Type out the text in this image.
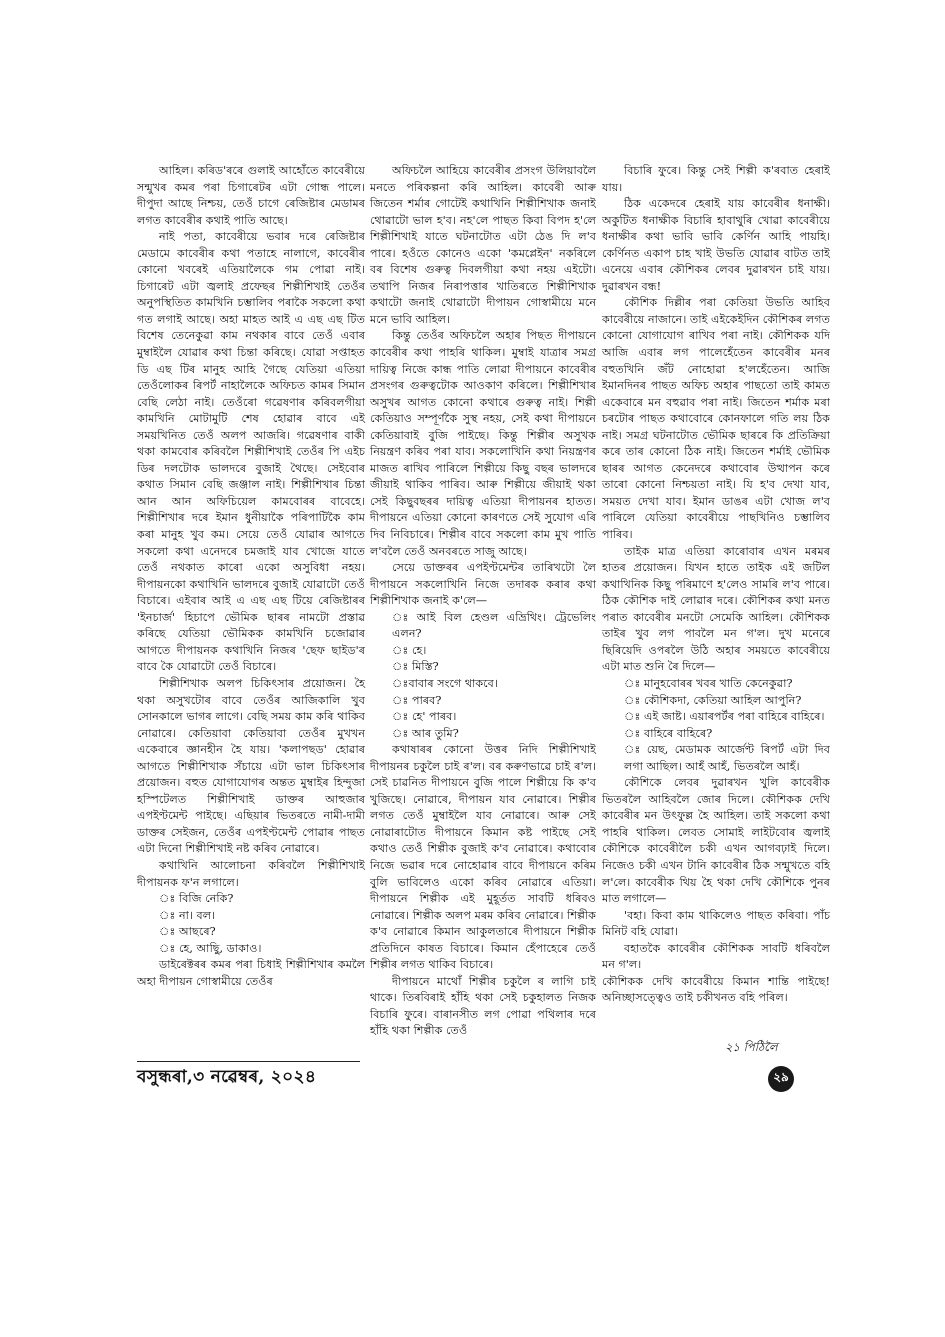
আহিল। কৰিড'ৰৰে গুলাই আহোঁতে কাবেৰীয়ে সন্মুখৰ কমৰ পৰা চিগাৰেটৰ এটা গোন্ধ পালে। দীপুদা আছে নিশ্চয়, তেওঁ চাগে ৰেজিষ্টাৰ মেডামৰ লগত কাবেৰীৰ কথাই পাতি আছে।

নাই পতা, কাবেৰীয়ে ভবাৰ দৰে ৰেজিষ্টাৰ মেডামে কাবেৰীৰ কথা পতাহে নালাগে, কাবেৰীৰ কোনো খবৰেই এতিয়ালৈকে গম পোৱা নাই। চিগাৰেট এটা জ্বলাই প্ৰফেছৰ শিল্পীশিখাই তেওঁৰ অনুপস্থিতিত কামখিনি চম্ভালিব পৰাকৈ সকলো কথা গত লগাই আছে। অহা মাহত আই এ এছ এছ টিত বিশেষ তেনেকুৱা কাম নথকাৰ বাবে তেওঁ এবাৰ মুম্বাইলৈ যোৱাৰ কথা চিন্তা কৰিছে। যোৱা সপ্তাহত ডি এছ টিৰ মানুহ আহি গৈছে যেতিয়া এতিয়া তেওঁলোকৰ ৰিপৰ্ট নাহালৈকে অফিচত কামৰ সিমান বেছি লেঠা নাই। তেওঁৰো গৱেষণাৰ কৰিবলগীয়া কামখিনি মোটামুটি শেষ হোৱাৰ বাবে এই সময়খিনিত তেওঁ অলপ আজৰি। গৱেষণাৰ বাকী থকা কামবোৰ কৰিবলৈ শিল্পীশিখাই তেওঁৰ পি এইচ ডিৰ দলটোক ভালদৰে বুজাই থৈছে। সেইবোৰ কথাত সিমান বেছি জঞ্জাল নাই। শিল্পীশিখাৰ চিন্তা আন আন অফিচিয়েল কামবোৰৰ বাবেহে। শিল্পীশিখাৰ দৰে ইমান ধুনীয়াকৈ পৰিপাটিকৈ কাম কৰা মানুহ খুব কম। সেয়ে তেওঁ যোৱাৰ আগতে সকলো কথা এনেদৰে চমজাই যাব খোজে যাতে তেওঁ নথকাত কাৰো একো অসুবিধা নহয়। দীপায়নকো কথাখিনি ভালদৰে বুজাই যোৱাটো তেওঁ বিচাৰে। এইবাৰ আই এ এছ এছ টিয়ে ৰেজিষ্টাৰৰ 'ইনচাৰ্জ' হিচাপে ভৌমিক ছাৰৰ নামটো প্ৰস্তাৱ কৰিছে যেতিয়া ভৌমিকক কামখিনি চজোৱাৰ আগতে দীপায়নক কথাখিনি নিজৰ 'ছেফ ছাইড'ৰ বাবে কৈ যোৱাটো তেওঁ বিচাৰে।

শিল্পীশিখাক অলপ চিকিৎসাৰ প্ৰয়োজন। হৈ থকা অসুখটোৰ বাবে তেওঁৰ আজিকালি খুব সোনকালে ভাগৰ লাগে। বেছি সময় কাম কৰি থাকিব নোৱাৰে। কেতিয়াবা কেতিয়াবা তেওঁৰ মুখখন একেবাৰে জ্ঞানহীন হৈ যায়। 'কলাপছড' হোৱাৰ আগতে শিল্পীশিখাক সঁচায়ে এটা ভাল চিকিৎসাৰ প্ৰয়োজন। বহুত যোগাযোগৰ অন্তত মুম্বাইৰ হিন্দুজা হস্পিটেলত শিল্পীশিখাই ডাক্তৰ আহুজাৰ এপইণ্টমেন্ট পাইছে। এছিয়াৰ ভিতৰতে নামী-দামী ডাক্তৰ সেইজন, তেওঁৰ এপইণ্টমেন্ট পোৱাৰ পাছত এটা দিনো শিল্পীশিখাই নষ্ট কৰিব নোৱাৰে।

কথাখিনি আলোচনা কৰিবলৈ শিল্পীশিখাই দীপায়নক ফ'ন লগালে।

ঃ বিজি নেকি?

ঃ না। বল।

ঃ আছৰে?

ঃ হে, আছিু, ডাকাও।

ডাইৰেক্টৰৰ কমৰ পৰা চিধাই শিল্পীশিখাৰ কমলৈ অহা দীপায়ন গোস্বামীয়ে তেওঁৰ

অফিচলৈ আহিয়ে কাবেৰীৰ প্ৰসংগ উলিয়াবলৈ মনতে পৰিকল্পনা কৰি আহিল। কাবেৰী আৰু জিতেন শৰ্মাৰ গোটেই কথাখিনি শিল্পীশিখাক জনাই থোৱাটো ভাল হ'ব। নহ'লে পাছত কিবা বিপদ হ'লে শিল্পীশিখাই যাতে ঘটনাটোত এটা ঠেঙ দি ল'ব পাৰে। হওঁতে কোনেও একো 'কমপ্লেইন' নকৰিলে বৰ বিশেষ গুৰুত্ব দিবলগীয়া কথা নহয় এইটো। তথাপি নিজৰ নিৰাপত্তাৰ খাতিৰতে শিল্পীশিখাক কথাটো জনাই থোৱাটো দীপায়ন গোস্বামীয়ে মনে মনে ভাবি আহিল।

কিন্তু তেওঁৰ অফিচলৈ অহাৰ পিছত দীপায়নে কাবেৰীৰ কথা পাহৰি থাকিল। মুম্বাই যাত্ৰাৰ সমগ্ৰ দায়িত্ব নিজে কান্ধ পাতি লোৱা দীপায়নে কাবেৰীৰ প্ৰসংগৰ গুৰুত্বটোক আওকাণ কৰিলে। শিল্পীশিখাৰ অসুখৰ আগত কোনো কথাৰে গুৰুত্ব নাই। শিল্পী কেতিয়াও সম্পূৰ্ণকৈ সুস্থ নহয়, সেই কথা দীপায়নে কেতিয়াবাই বুজি পাইছে। কিন্তু শিল্পীৰ অসুখক নিয়ন্ত্ৰণ কৰিব পৰা যাব। সকলোখিনি কথা নিয়ন্ত্ৰণৰ মাজত ৰাখিব পাৰিলে শিল্পীয়ে কিছু বছৰ ভালদৰে জীয়াই থাকিব পাৰিব। আৰু শিল্পীয়ে জীয়াই থকা সেই কিছুবছৰৰ দায়িত্ব এতিয়া দীপায়নৰ হাতত। দীপায়নে এতিয়া কোনো কাৰণতে সেই সুযোগ এৰি দিব নিবিচাৰে। শিল্পীৰ বাবে সকলো কাম মুখ পাতি ল'বলৈ তেওঁ অনবৰতে সাজু আছে।

সেয়ে ডাক্তৰৰ এপইণ্টমেন্টৰ তাৰিখটো লৈ দীপায়নে সকলোখিনি নিজে তদাৰক কৰাৰ কথা শিল্পীশিখাক জনাই ক'লে—

ঃ আই বিল হেণ্ডল এভ্ৰিথিং। ট্ৰেভেলিং এলন?

ঃ হে।

ঃ মিস্তি?

ঃবাবাৰ সংগে থাকবে।

ঃ পাৰব?

ঃ হে' পাৰব।

ঃ আৰ তুমি?

কথাষাৰৰ কোনো উত্তৰ নিদি শিল্পীশিখাই দীপায়নৰ চকুলৈ চাই ৰ'ল। বৰ কৰুণভাৱে চাই ৰ'ল। সেই চাৱনিত দীপায়নে বুজি পালে শিল্পীয়ে কি ক'ব খুজিছে। নোৱাৰে, দীপায়ন যাব নোৱাৰে। শিল্পীৰ লগত তেওঁ মুম্বাইলৈ যাব নোৱাৰে। আৰু সেই নোৱাৰাটোত দীপায়নে কিমান কষ্ট পাইছে সেই কথাও তেওঁ শিল্পীক বুজাই ক'ব নোৱাৰে। কথাবোৰ নিজে ভৱাৰ দৰে নোহোৱাৰ বাবে দীপায়নে কৰিম বুলি ভাবিলেও একো কৰিব নোৱাৰে এতিয়া। দীপায়নে শিল্পীক এই মুহূৰ্তত সাবটি ধৰিবও নোৱাৰে। শিল্পীক অলপ মৰম কৰিব নোৱাৰে। শিল্পীক ক'ব নোৱাৰে কিমান আকুলতাৰে দীপায়নে শিল্পীক প্ৰতিদিনে কাষত বিচাৰে। কিমান হেঁপাহেৰে তেওঁ শিল্পীৰ লগত থাকিব বিচাৰে।

দীপায়নে মাথোঁ শিল্পীৰ চকুলৈ ৰ লাগি চাই থাকে। তিৰবিৰাই হাঁহি থকা সেই চকুহালত নিজক বিচাৰি ফুৰে। বাৰানসীত লগ পোৱা পথিলাৰ দৰে হাঁহি থকা শিল্পীক তেওঁ

বিচাৰি ফুৰে। কিন্তু সেই শিল্পী ক'ৰবাত হেৰাই যায়।

ঠিক একেদৰে হেৰাই যায় কাবেৰীৰ ধনাক্ষী। অকুটিত ধনাক্ষীক বিচাৰি হাবাথুৰি খোৱা কাবেৰীয়ে ধনাক্ষীৰ কথা ভাবি ভাবি কেৰ্ণিন আহি পায়হি। কেৰ্ণিনত একাপ চাহ খাই উভতি যোৱাৰ বাটত তাই এনেয়ে এবাৰ কৌশিকৰ লেবৰ দুৱাৰখন চাই যায়। দুৱাৰখন বন্ধ!

কৌশিক দিল্লীৰ পৰা কেতিয়া উভতি আহিব কাবেৰীয়ে নাজানে। তাই এইকেইদিন কৌশিকৰ লগত কোনো যোগাযোগ ৰাখিব পৰা নাই। কৌশিকক যদি আজি এবাৰ লগ পালেহেঁতেন কাবেৰীৰ মনৰ বহুতখিনি জঁট নোহোৱা হ'লহেঁতেন। আজি ইমানদিনৰ পাছত অফিচ অহাৰ পাছতো তাই কামত একেবাৰে মন বহুৱাব পৰা নাই। জিতেন শৰ্মাক মৰা চৰটোৰ পাছত কথাবোৰে কোনফালে গতি লয় ঠিক নাই। সমগ্ৰ ঘটনাটোত ভৌমিক ছাৰৰে কি প্ৰতিক্ৰিয়া কৰে তাৰ কোনো ঠিক নাই। জিতেন শৰ্মাই ভৌমিক ছাৰৰ আগত কেনেদৰে কথাবোৰ উত্থাপন কৰে তাৰো কোনো নিশ্চয়তা নাই। যি হ'ব দেখা যাব, সময়ত দেখা যাব। ইমান ডাঙৰ এটা খোজ ল'ব পাৰিলে যেতিয়া কাবেৰীয়ে পাছখিনিও চম্ভালিব পাৰিব।

তাইক মাত্ৰ এতিয়া কাৰোবাৰ এখন মৰমৰ হাতৰ প্ৰয়োজন। যিখন হাতে তাইক এই জটিল কথাখিনিক কিছু পৰিমাণে হ'লেও সামৰি ল'ব পাৰে। ঠিক কৌশিক দাই লোৱাৰ দৰে। কৌশিকৰ কথা মনত পৰাত কাবেৰীৰ মনটো সেমেকি আহিল। কৌশিকক তাইৰ খুব লগ পাবলৈ মন গ'ল। দুখ মনেৰে ছিৰিয়েদি ওপৰলৈ উঠি অহাৰ সময়তে কাবেৰীয়ে এটা মাত শুনি ৰৈ দিলে—

ঃ মানুহবোৰৰ খবৰ খাতি কেনেকুৱা?

ঃ কৌশিকদা, কেতিয়া আহিল আপুনি?

ঃ এই জাষ্ট। এয়াৰপৰ্টৰ পৰা বাহিৰে বাহিৰে।

ঃ বাহিৰে বাহিৰে?

ঃ য়েছ, মেডামক আৰ্জেণ্ট ৰিপৰ্ট এটা দিব লগা আছিল। আহঁ আহঁ, ভিতৰলৈ আহঁ।

কৌশিকে লেবৰ দুৱাৰখন খুলি কাবেৰীক ভিতৰলৈ আহিবলৈ জোৰ দিলে। কৌশিকক দেখি কাবেৰীৰ মন উৎফুল্ল হৈ আহিল। তাই সকলো কথা পাহৰি থাকিল। লেবত সোমাই লাইটবোৰ জ্বলাই কৌশিকে কাবেৰীলৈ চকী এখন আগবঢ়াই দিলে। নিজেও চকী এখন টানি কাবেৰীৰ ঠিক সন্মুখতে বহি ল'লে। কাবেৰীক থিয় হৈ থকা দেখি কৌশিকে পুনৰ মাত লগালে—

'বহা। কিবা কাম থাকিলেও পাছত কৰিবা। পাঁচ মিনিট বহি যোৱা।

বহাতকৈ কাবেৰীৰ কৌশিকক সাবটি ধৰিবলৈ মন গ'ল।

কৌশিকক দেখি কাবেৰীয়ে কিমান শান্তি পাইছে! অনিচ্ছাসত্ত্বেও তাই চকীখনত বহি পৰিল।

২১ পিঠিলৈ
বসুন্ধৰা,৩ নৱেম্বৰ, ২০২৪	২৯
